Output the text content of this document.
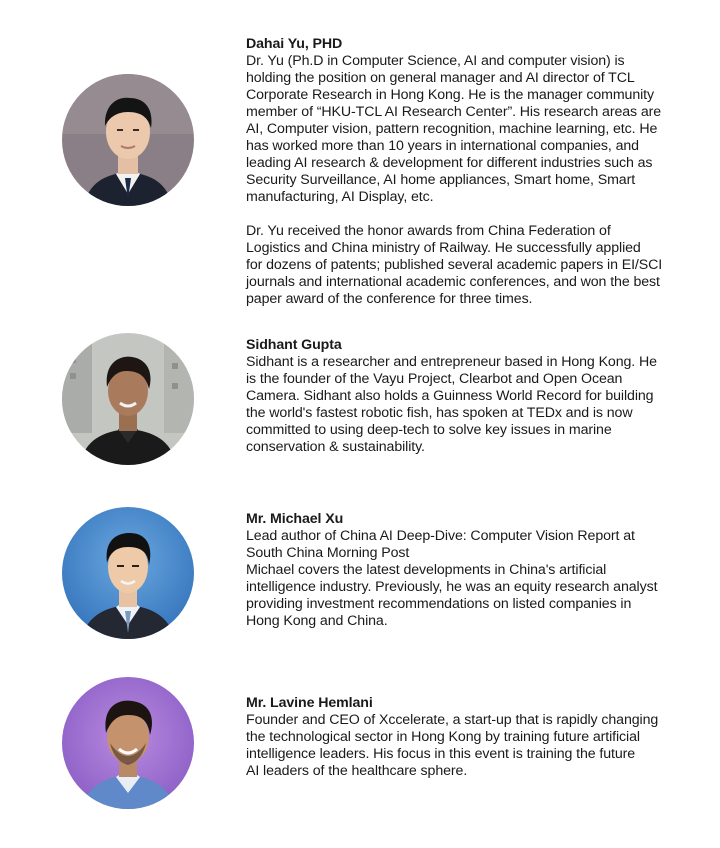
Dahai Yu, PHD
Dr. Yu (Ph.D in Computer Science, AI and computer vision) is
holding the position on general manager and AI director of TCL
Corporate Research in Hong Kong. He is the manager community
member of “HKU-TCL AI Research Center”. His research areas are
AI, Computer vision, pattern recognition, machine learning, etc. He
has worked more than 10 years in international companies, and
leading AI research & development for different industries such as
Security Surveillance, AI home appliances, Smart home, Smart
manufacturing, AI Display, etc.
Dr. Yu received the honor awards from China Federation of
Logistics and China ministry of Railway. He successfully applied
for dozens of patents; published several academic papers in EI/SCI
journals and international academic conferences, and won the best
paper award of the conference for three times.
Sidhant Gupta
Sidhant is a researcher and entrepreneur based in Hong Kong. He
is the founder of the Vayu Project, Clearbot and Open Ocean
Camera. Sidhant also holds a Guinness World Record for building
the world's fastest robotic fish, has spoken at TEDx and is now
committed to using deep-tech to solve key issues in marine
conservation & sustainability.
Mr. Michael Xu
Lead author of China AI Deep-Dive: Computer Vision Report at
South China Morning Post
Michael covers the latest developments in China's artificial
intelligence industry. Previously, he was an equity research analyst
providing investment recommendations on listed companies in
Hong Kong and China.
Mr. Lavine Hemlani
Founder and CEO of Xccelerate, a start-up that is rapidly changing
the technological sector in Hong Kong by training future artificial
intelligence leaders. His focus in this event is training the future
AI leaders of the healthcare sphere.
